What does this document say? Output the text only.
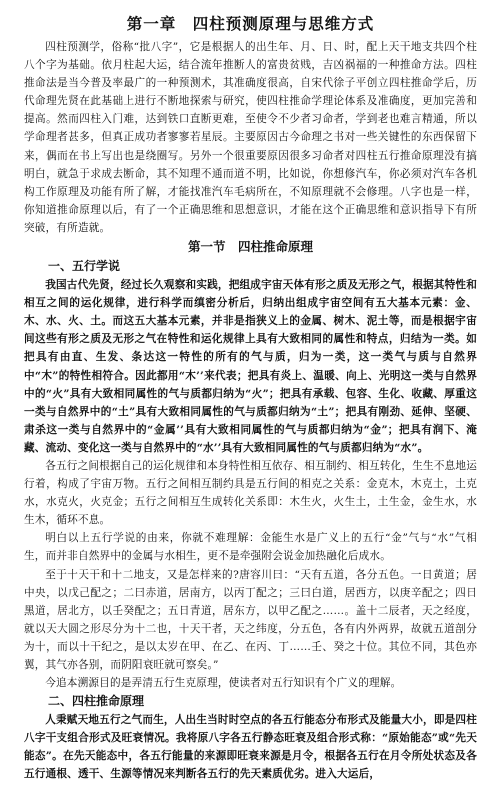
第一章　四柱预测原理与思维方式

四柱预测学，俗称“批八字”，它是根据人的出生年、月、日、时，配上天干地支共四个柱八个字为基础。依月柱起大运，结合流年推断人的富贵贫贱，吉凶祸福的一种推命方法。四柱推命法是当今普及率最广的一种预测术，其准确度很高，自宋代徐子平创立四柱推命学后，历代命理先贤在此基础上进行不断地探索与研究，使四柱推命学理论体系及准确度，更加完善和提高。然而四柱入门难，达到铁口直断更难，至使令不少者习命者，学到老也难言精通，所以学命理者甚多，但真正成功者寥寥若星辰。主要原因古今命理之书对一些关键性的东西保留下来，偶而在书上写出也是绕圈写。另外一个很重要原因很多习命者对四柱五行推命原理没有搞明白，就急于求成去断命，其不知理不通而道不明，比如说，你想修汽车，你必须对汽车各机构工作原理及功能有所了解，才能找准汽车毛病所在，不知原理就不会修理。八字也是一样，你知道推命原理以后，有了一个正确思维和思想意识，才能在这个正确思维和意识指导下有所突破，有所造就。

第一节　四柱推命原理
一、五行学说

我国古代先贤，经过长久观察和实践，把组成宇宙天体有形之质及无形之气，根据其特性和相互之间的运化规律，进行科学而缜密分析后，归纳出组成宇宙空间有五大基本元素：金、木、水、火、土。而这五大基本元素，并非是指狭义上的金属、树木、泥土等，而是根据宇宙间这些有形之质及无形之气在特性和运化规律上具有大致相同的属性和特点，归结为一类。如把具有由直、生发、条达这一特性的所有的气与质，归为一类，这一类气与质与自然界中“木”的特性相符合。因此都用“木’’来代表；把具有炎上、温暖、向上、光明这一类与自然界中的“火”具有大致相同属性的气与质都归纳为“火”；把具有承载、包容、生化、收藏、厚重这一类与自然界中的“土”具有大致相同属性的气与质都归纳为“土”；把具有刚劲、延伸、坚硬、肃杀这一类与自然界中的“金属’’具有大致相同属性的气与质都归纳为“金”；把具有润下、淹藏、流动、变化这一类与自然界中的“水’’具有大致相同属性的气与质都归纳为“水”。

各五行之间根据自己的运化规律和本身特性相互依存、相互制约、相互转化，生生不息地运行着，构成了宇宙万物。五行之间相互制约具是五行间的相克之关系：金克木，木克土，土克水，水克火，火克金；五行之间相互生成转化关系即：木生火，火生土，土生金，金生水，水生木，循环不息。

明白以上五行学说的由来，你就不难理解：金能生水是广义上的五行“金”气与“水”气相生，而并非自然界中的金属与水相生，更不是牵强附会说金加热融化后成水。

至于十天干和十二地支，又是怎样来的?唐容川曰：“天有五道，各分五色。一日黄道；居中央，以戊己配之；二曰赤道，居南方，以丙丁配之；三曰白道，居西方，以庚辛配之；四日黑道，居北方，以壬癸配之；五日青道，居东方，以甲乙配之……。盖十二辰者，天之经度，就以天大圆之形尽分为十二也，十天干者，天之纬度，分五色，各有内外两界，故就五道剖分为十，而以十干纪之，是以太岁在甲、在乙、在丙、丁……壬、癸之十位。其位不同，其色亦翼，其气亦各别，而阴阳衰旺就可察矣。”

今追本溯源目的是弄清五行生克原理，使读者对五行知识有个广义的理解。

二、四柱推命原理

人秉赋天地五行之气而生，人出生当时时空点的各五行能态分布形式及能量大小，即是四柱八字干支组合形式及旺衰情况。我将原八字各五行静态旺衰及组合形式称：“原始能态”或“先天能态”。在先天能态中，各五行能量的来源即旺衰来源是月令，根据各五行在月令所处状态及各五行通根、透干、生源等情况来判断各五行的先天素质优劣。进入大运后，
